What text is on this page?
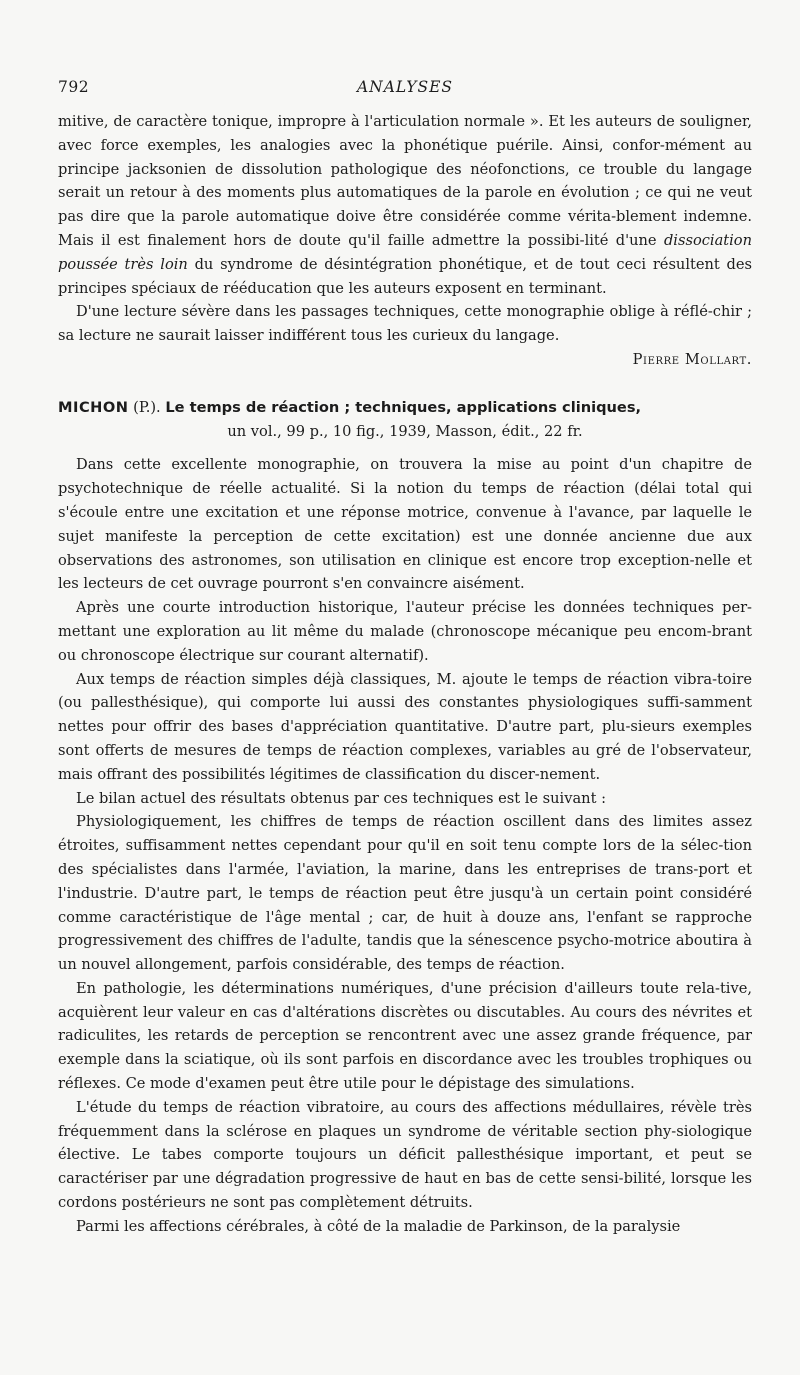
792	ANALYSES

mitive, de caractère tonique, impropre à l'articulation normale ». Et les auteurs de souligner, avec force exemples, les analogies avec la phonétique puérile. Ainsi, confor-mément au principe jacksonien de dissolution pathologique des néofonctions, ce trouble du langage serait un retour à des moments plus automatiques de la parole en évolution ; ce qui ne veut pas dire que la parole automatique doive être considérée comme vérita-blement indemne. Mais il est finalement hors de doute qu'il faille admettre la possibi-lité d'une dissociation poussée très loin du syndrome de désintégration phonétique, et de tout ceci résultent des principes spéciaux de rééducation que les auteurs exposent en terminant.

D'une lecture sévère dans les passages techniques, cette monographie oblige à réflé-chir ; sa lecture ne saurait laisser indifférent tous les curieux du langage.

Pierre Mollart.

MICHON (P.). Le temps de réaction ; techniques, applications cliniques,

un vol., 99 p., 10 fig., 1939, Masson, édit., 22 fr.

Dans cette excellente monographie, on trouvera la mise au point d'un chapitre de psychotechnique de réelle actualité. Si la notion du temps de réaction (délai total qui s'écoule entre une excitation et une réponse motrice, convenue à l'avance, par laquelle le sujet manifeste la perception de cette excitation) est une donnée ancienne due aux observations des astronomes, son utilisation en clinique est encore trop exception-nelle et les lecteurs de cet ouvrage pourront s'en convaincre aisément.

Après une courte introduction historique, l'auteur précise les données techniques per-mettant une exploration au lit même du malade (chronoscope mécanique peu encom-brant ou chronoscope électrique sur courant alternatif).

Aux temps de réaction simples déjà classiques, M. ajoute le temps de réaction vibra-toire (ou pallesthésique), qui comporte lui aussi des constantes physiologiques suffi-samment nettes pour offrir des bases d'appréciation quantitative. D'autre part, plu-sieurs exemples sont offerts de mesures de temps de réaction complexes, variables au gré de l'observateur, mais offrant des possibilités légitimes de classification du discer-nement.

Le bilan actuel des résultats obtenus par ces techniques est le suivant :

Physiologiquement, les chiffres de temps de réaction oscillent dans des limites assez étroites, suffisamment nettes cependant pour qu'il en soit tenu compte lors de la sélec-tion des spécialistes dans l'armée, l'aviation, la marine, dans les entreprises de trans-port et l'industrie. D'autre part, le temps de réaction peut être jusqu'à un certain point considéré comme caractéristique de l'âge mental ; car, de huit à douze ans, l'enfant se rapproche progressivement des chiffres de l'adulte, tandis que la sénescence psycho-motrice aboutira à un nouvel allongement, parfois considérable, des temps de réaction.

En pathologie, les déterminations numériques, d'une précision d'ailleurs toute rela-tive, acquièrent leur valeur en cas d'altérations discrètes ou discutables. Au cours des névrites et radiculites, les retards de perception se rencontrent avec une assez grande fréquence, par exemple dans la sciatique, où ils sont parfois en discordance avec les troubles trophiques ou réflexes. Ce mode d'examen peut être utile pour le dépistage des simulations.

L'étude du temps de réaction vibratoire, au cours des affections médullaires, révèle très fréquemment dans la sclérose en plaques un syndrome de véritable section phy-siologique élective. Le tabes comporte toujours un déficit pallesthésique important, et peut se caractériser par une dégradation progressive de haut en bas de cette sensi-bilité, lorsque les cordons postérieurs ne sont pas complètement détruits.

Parmi les affections cérébrales, à côté de la maladie de Parkinson, de la paralysie
